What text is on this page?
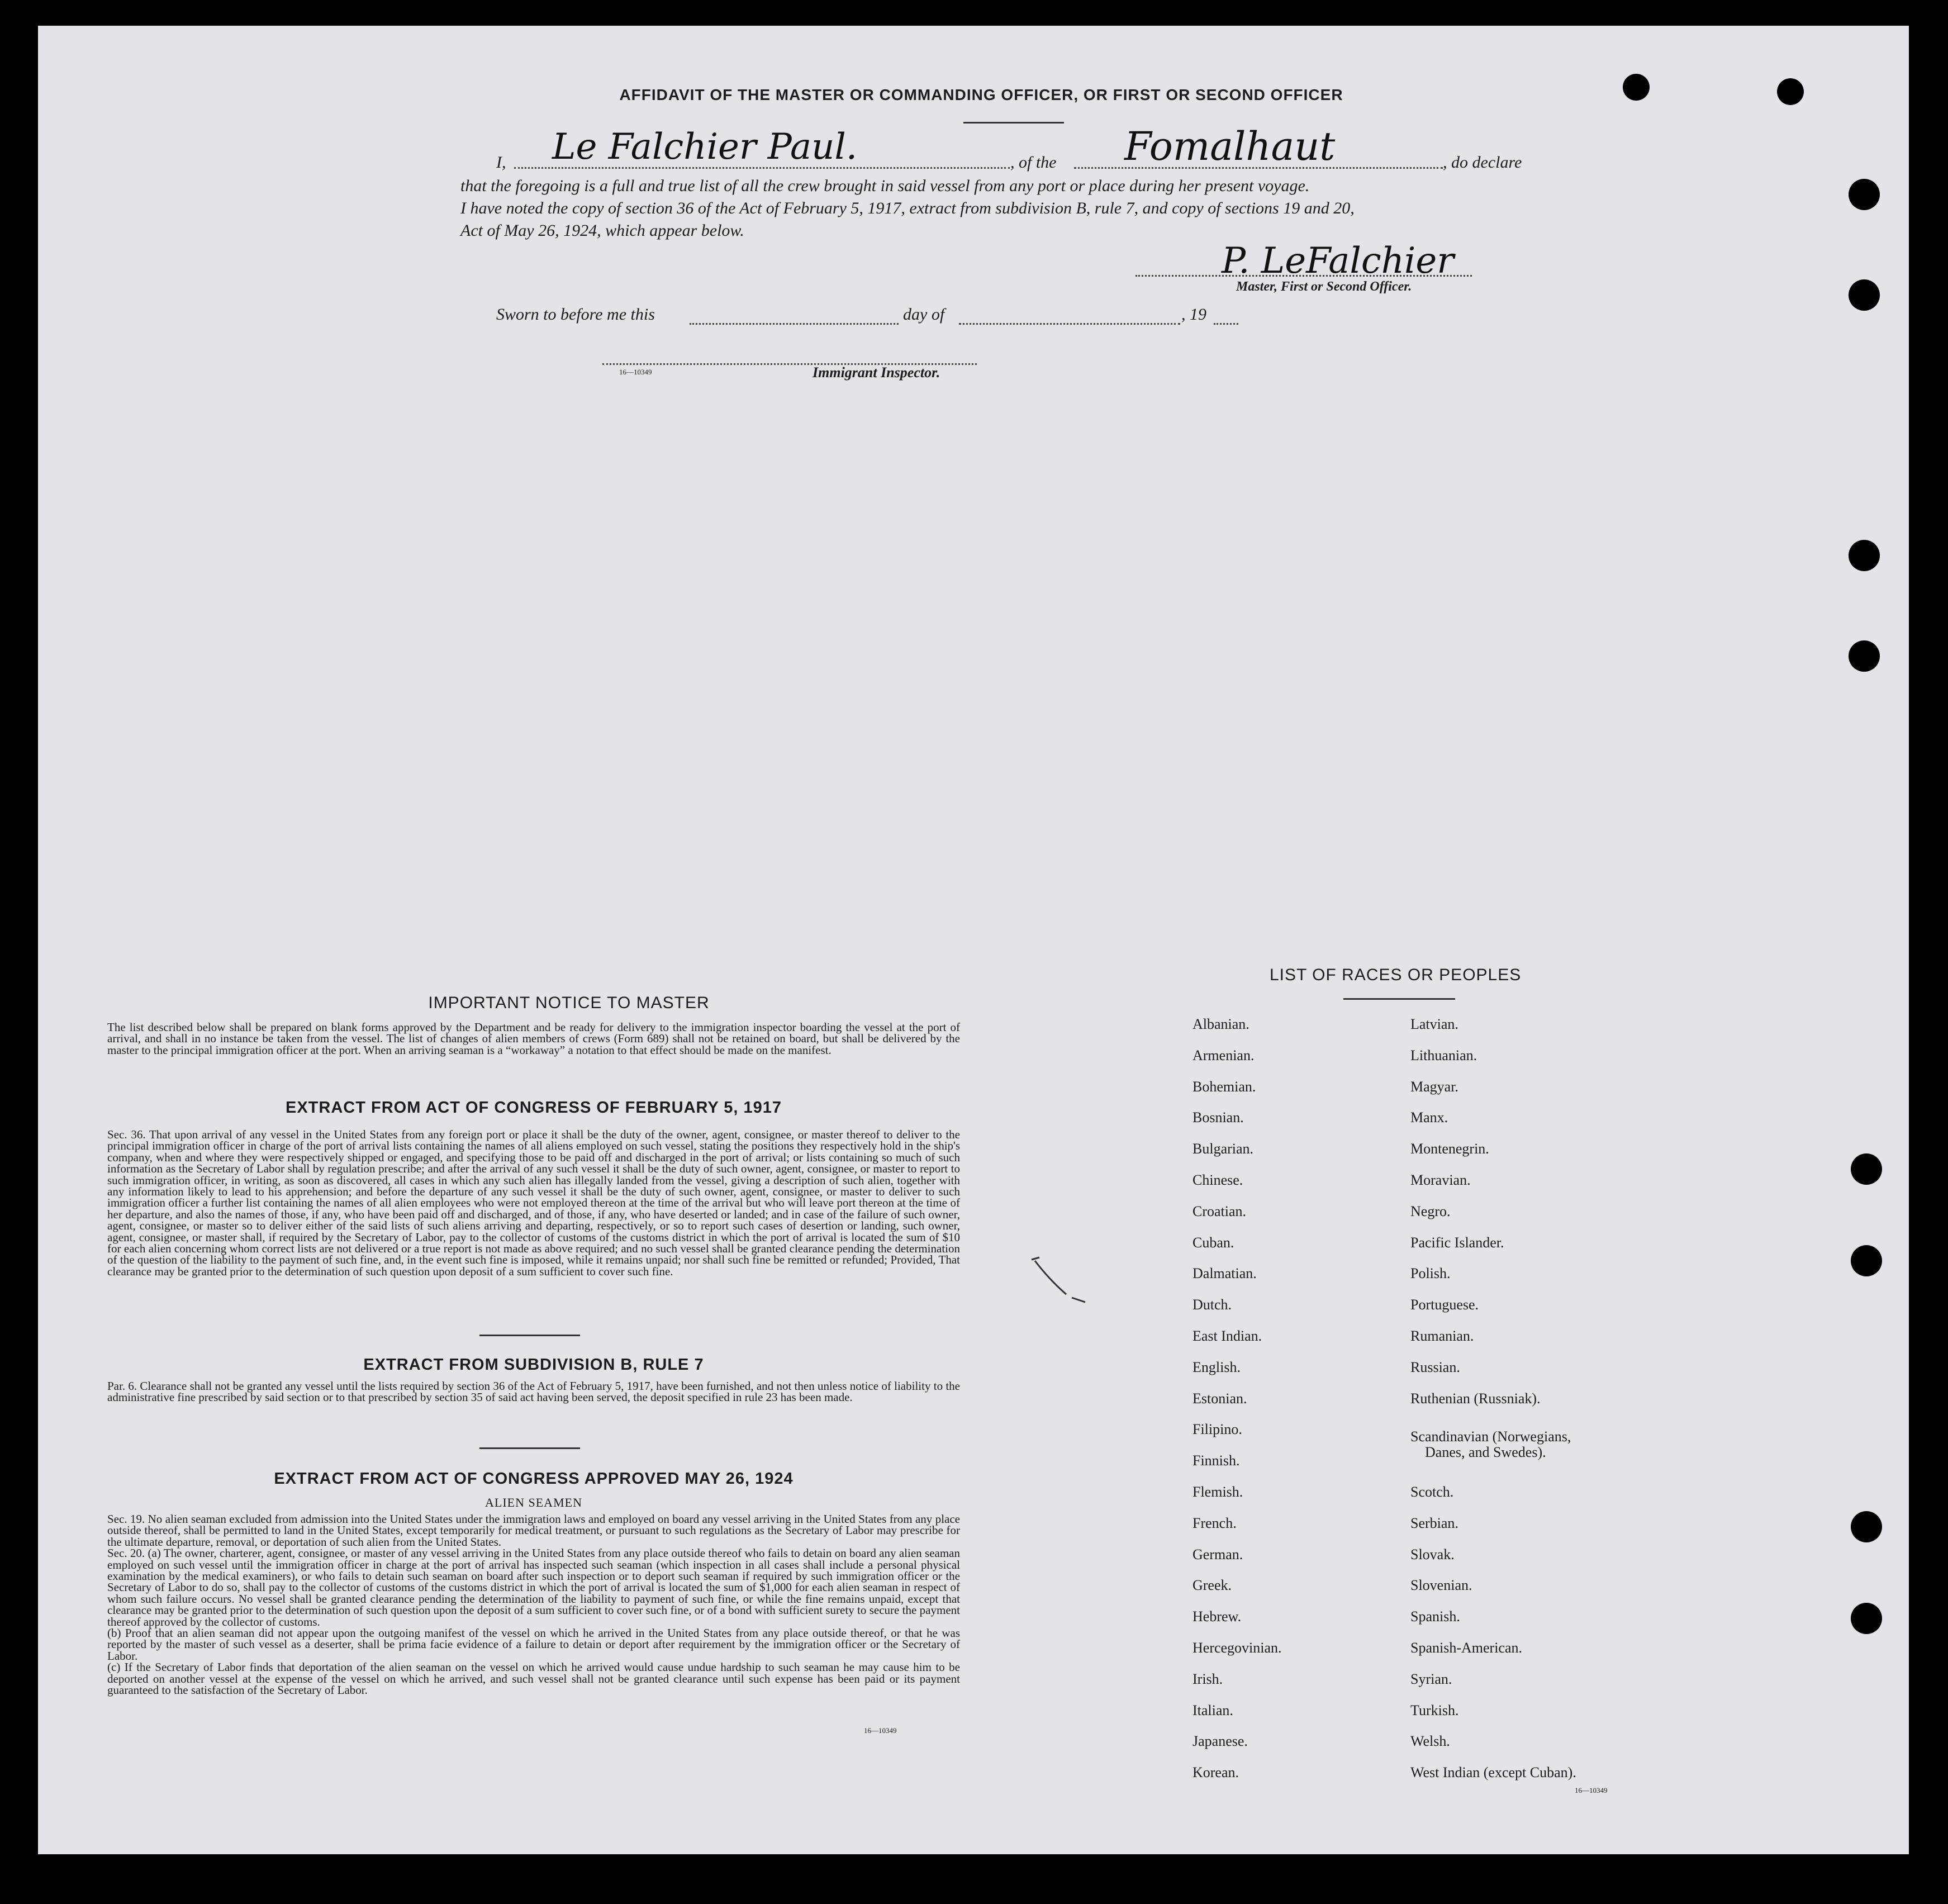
AFFIDAVIT OF THE MASTER OR COMMANDING OFFICER, OR FIRST OR SECOND OFFICER
I, Le Falchier Paul.	, of the Fomalhaut	, do declare
that the foregoing is a full and true list of all the crew brought in said vessel from any port or place during her present voyage.
I have noted the copy of section 36 of the Act of February 5, 1917, extract from subdivision B, rule 7, and copy of sections 19 and 20,
Act of May 26, 1924, which appear below.
P. LeFalchier
Master, First or Second Officer.
Sworn to before me this	day of	, 19
16—10349	Immigrant Inspector.
IMPORTANT NOTICE TO MASTER
The list described below shall be prepared on blank forms approved by the Department and be ready for delivery to the immigration inspector boarding the vessel at the port of arrival, and shall in no instance be taken from the vessel. The list of changes of alien members of crews (Form 689) shall not be retained on board, but shall be delivered by the master to the principal immigration officer at the port. When an arriving seaman is a “workaway” a notation to that effect should be made on the manifest.
EXTRACT FROM ACT OF CONGRESS OF FEBRUARY 5, 1917
Sec. 36. That upon arrival of any vessel in the United States from any foreign port or place it shall be the duty of the owner, agent, consignee, or master thereof to deliver to the principal immigration officer in charge of the port of arrival lists containing the names of all aliens employed on such vessel, stating the positions they respectively hold in the ship's company, when and where they were respectively shipped or engaged, and specifying those to be paid off and discharged in the port of arrival; or lists containing so much of such information as the Secretary of Labor shall by regulation prescribe; and after the arrival of any such vessel it shall be the duty of such owner, agent, consignee, or master to report to such immigration officer, in writing, as soon as discovered, all cases in which any such alien has illegally landed from the vessel, giving a description of such alien, together with any information likely to lead to his apprehension; and before the departure of any such vessel it shall be the duty of such owner, agent, consignee, or master to deliver to such immigration officer a further list containing the names of all alien employees who were not employed thereon at the time of the arrival but who will leave port thereon at the time of her departure, and also the names of those, if any, who have been paid off and discharged, and of those, if any, who have deserted or landed; and in case of the failure of such owner, agent, consignee, or master so to deliver either of the said lists of such aliens arriving and departing, respectively, or so to report such cases of desertion or landing, such owner, agent, consignee, or master shall, if required by the Secretary of Labor, pay to the collector of customs of the customs district in which the port of arrival is located the sum of $10 for each alien concerning whom correct lists are not delivered or a true report is not made as above required; and no such vessel shall be granted clearance pending the determination of the question of the liability to the payment of such fine, and, in the event such fine is imposed, while it remains unpaid; nor shall such fine be remitted or refunded; Provided, That clearance may be granted prior to the determination of such question upon deposit of a sum sufficient to cover such fine.
EXTRACT FROM SUBDIVISION B, RULE 7
Par. 6. Clearance shall not be granted any vessel until the lists required by section 36 of the Act of February 5, 1917, have been furnished, and not then unless notice of liability to the administrative fine prescribed by said section or to that prescribed by section 35 of said act having been served, the deposit specified in rule 23 has been made.
EXTRACT FROM ACT OF CONGRESS APPROVED MAY 26, 1924
ALIEN SEAMEN
Sec. 19. No alien seaman excluded from admission into the United States under the immigration laws and employed on board any vessel arriving in the United States from any place outside thereof, shall be permitted to land in the United States, except temporarily for medical treatment, or pursuant to such regulations as the Secretary of Labor may prescribe for the ultimate departure, removal, or deportation of such alien from the United States.
Sec. 20. (a) The owner, charterer, agent, consignee, or master of any vessel arriving in the United States from any place outside thereof who fails to detain on board any alien seaman employed on such vessel until the immigration officer in charge at the port of arrival has inspected such seaman (which inspection in all cases shall include a personal physical examination by the medical examiners), or who fails to detain such seaman on board after such inspection or to deport such seaman if required by such immigration officer or the Secretary of Labor to do so, shall pay to the collector of customs of the customs district in which the port of arrival is located the sum of $1,000 for each alien seaman in respect of whom such failure occurs. No vessel shall be granted clearance pending the determination of the liability to payment of such fine, or while the fine remains unpaid, except that clearance may be granted prior to the determination of such question upon the deposit of a sum sufficient to cover such fine, or of a bond with sufficient surety to secure the payment thereof approved by the collector of customs.
(b) Proof that an alien seaman did not appear upon the outgoing manifest of the vessel on which he arrived in the United States from any place outside thereof, or that he was reported by the master of such vessel as a deserter, shall be prima facie evidence of a failure to detain or deport after requirement by the immigration officer or the Secretary of Labor.
(c) If the Secretary of Labor finds that deportation of the alien seaman on the vessel on which he arrived would cause undue hardship to such seaman he may cause him to be deported on another vessel at the expense of the vessel on which he arrived, and such vessel shall not be granted clearance until such expense has been paid or its payment guaranteed to the satisfaction of the Secretary of Labor.
16—10349
LIST OF RACES OR PEOPLES
16—10349
Albanian.
Armenian.
Bohemian.
Bosnian.
Bulgarian.
Chinese.
Croatian.
Cuban.
Dalmatian.
Dutch.
East Indian.
English.
Estonian.
Filipino.
Finnish.
Flemish.
French.
German.
Greek.
Hebrew.
Hercegovinian.
Irish.
Italian.
Japanese.
Korean.
Latvian.
Lithuanian.
Magyar.
Manx.
Montenegrin.
Moravian.
Negro.
Pacific Islander.
Polish.
Portuguese.
Rumanian.
Russian.
Ruthenian (Russniak).
Scandinavian (Norwegians,
Danes, and Swedes).
Scotch.
Serbian.
Slovak.
Slovenian.
Spanish.
Spanish-American.
Syrian.
Turkish.
Welsh.
West Indian (except Cuban).
